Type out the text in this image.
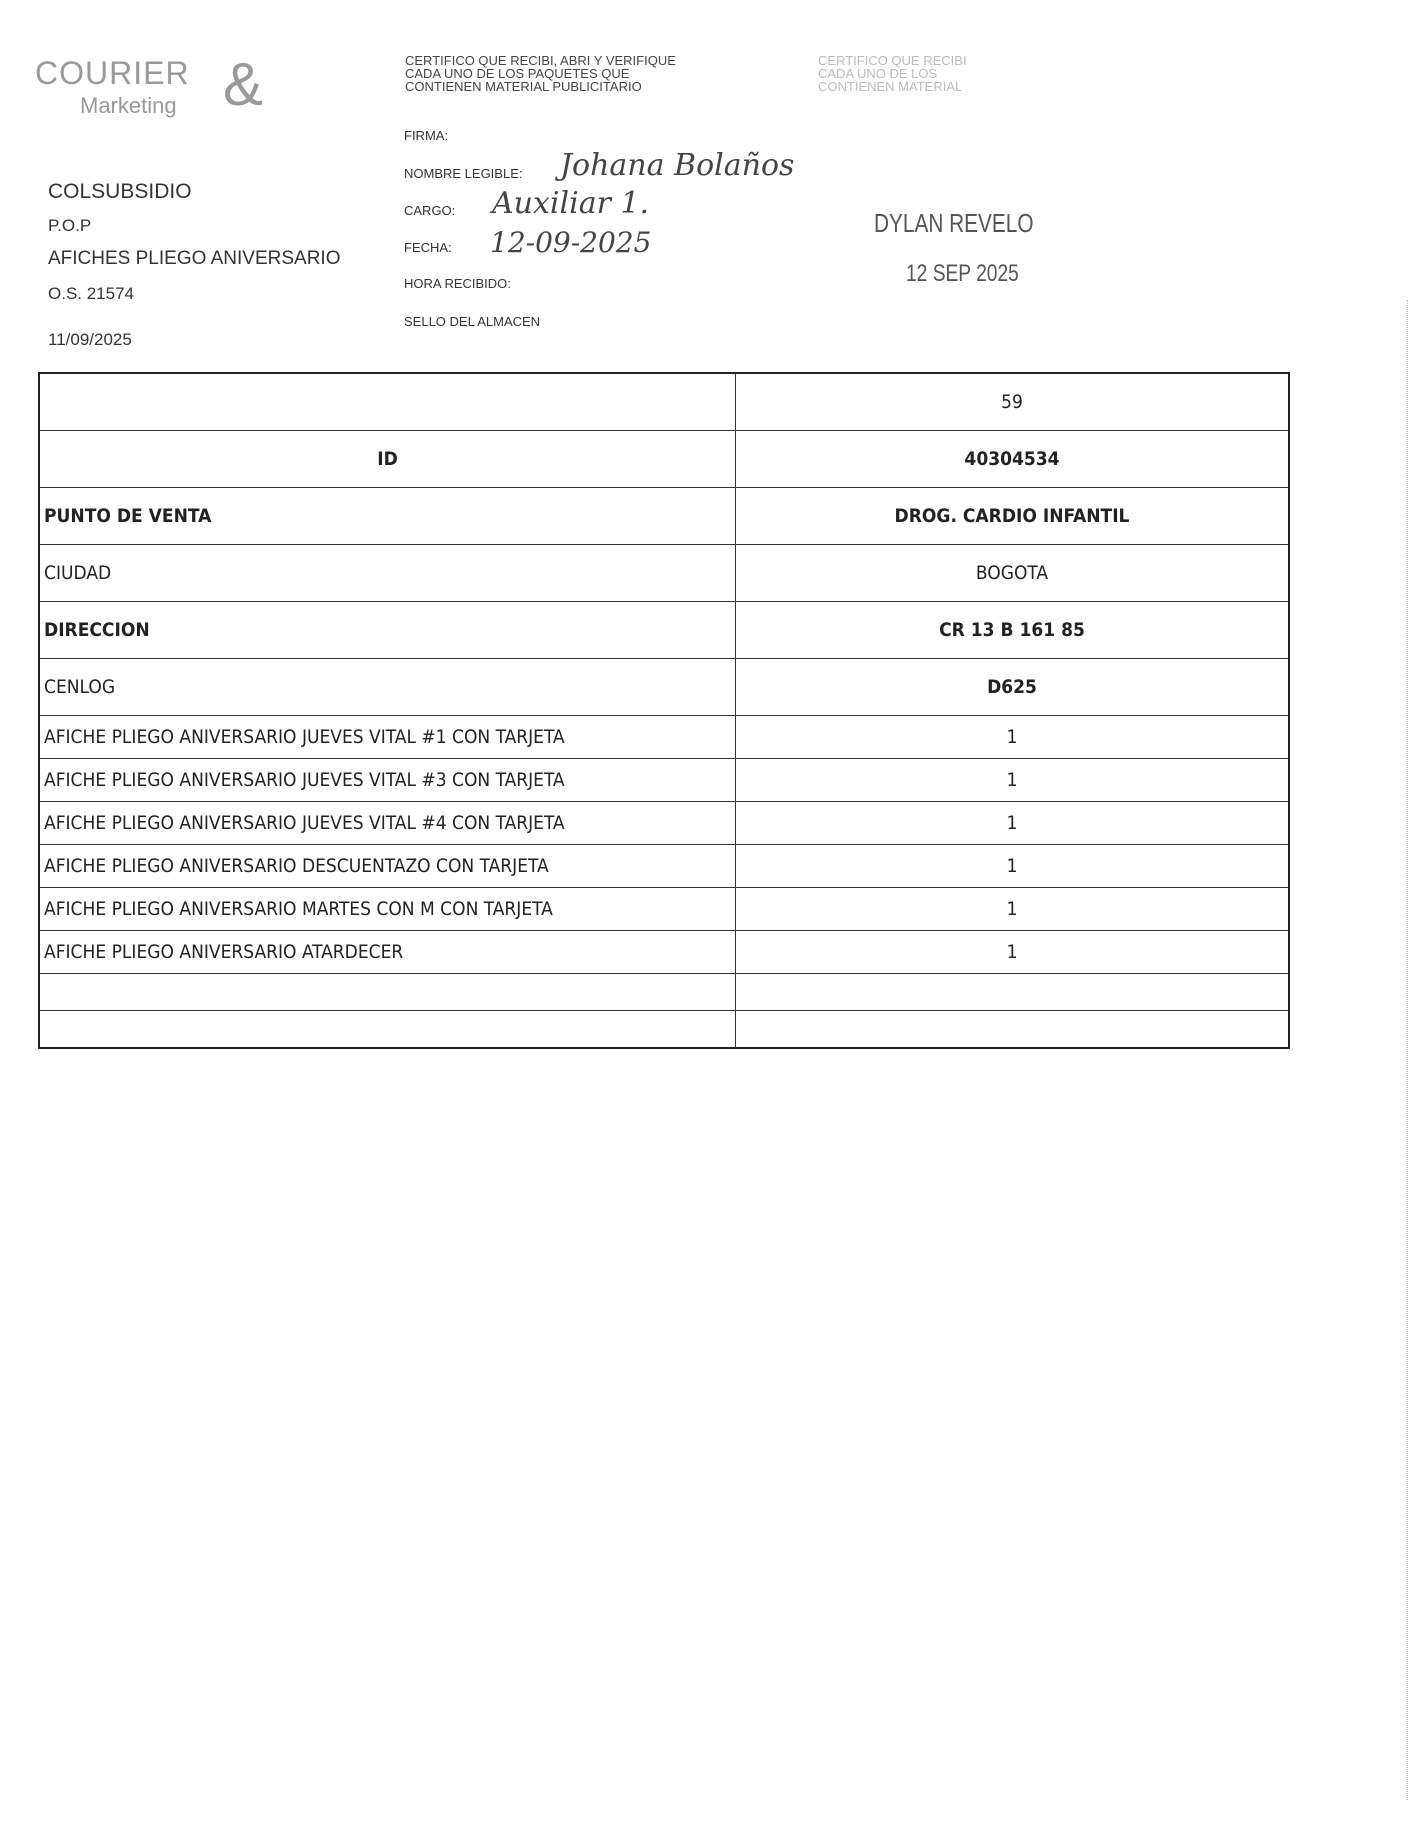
COURIER
Marketing &
COLSUBSIDIO
P.O.P
AFICHES PLIEGO ANIVERSARIO
O.S. 21574
11/09/2025
CERTIFICO QUE RECIBI, ABRI Y VERIFIQUE
CADA UNO DE LOS PAQUETES QUE
CONTIENEN MATERIAL PUBLICITARIO
CERTIFICO QUE RECIBI
CADA UNO DE LOS
CONTIENEN MATERIAL
FIRMA:
NOMBRE LEGIBLE: Johana Bolaños
CARGO: Auxiliar 1.
FECHA: 12-09-2025
HORA RECIBIDO:
SELLO DEL ALMACEN
DYLAN REVELO
12 SEP 2025
	59
ID	40304534
PUNTO DE VENTA	DROG. CARDIO INFANTIL
CIUDAD	BOGOTA
DIRECCION	CR 13 B 161 85
CENLOG	D625
AFICHE PLIEGO ANIVERSARIO JUEVES VITAL #1 CON TARJETA	1
AFICHE PLIEGO ANIVERSARIO JUEVES VITAL #3 CON TARJETA	1
AFICHE PLIEGO ANIVERSARIO JUEVES VITAL #4 CON TARJETA	1
AFICHE PLIEGO ANIVERSARIO DESCUENTAZO CON TARJETA	1
AFICHE PLIEGO ANIVERSARIO MARTES CON M CON TARJETA	1
AFICHE PLIEGO ANIVERSARIO ATARDECER	1
